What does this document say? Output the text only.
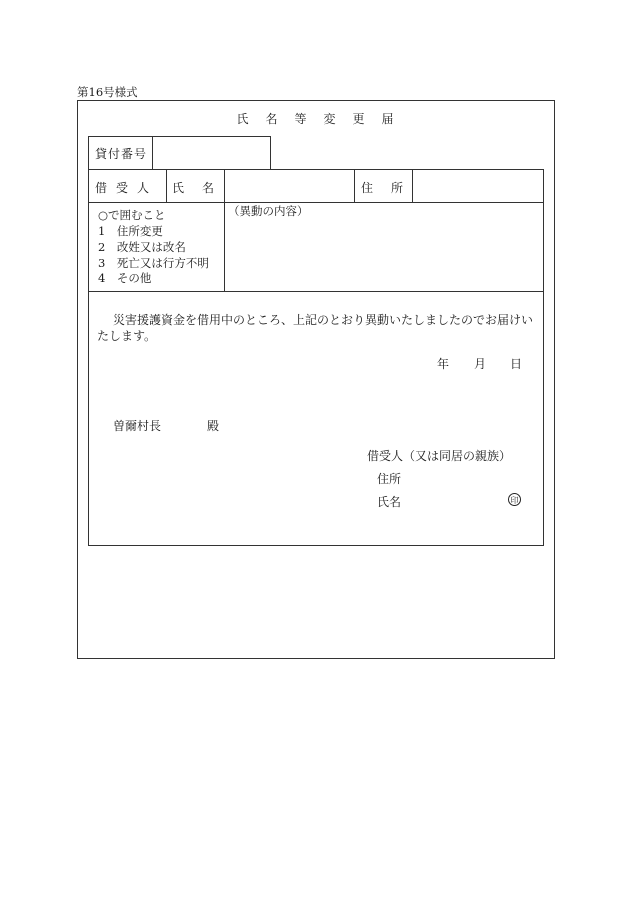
第16号様式
氏名等変更届
貸付番号
借受人 氏名	住所
○で囲むこと
1　住所変更
2　改姓又は改名
3　死亡又は行方不明
4　その他
（異動の内容）
災害援護資金を借用中のところ、上記のとおり異動いたしましたのでお届けい
たします。
年 月 日
曽爾村長	殿
借受人（又は同居の親族）
住所
氏名	印
